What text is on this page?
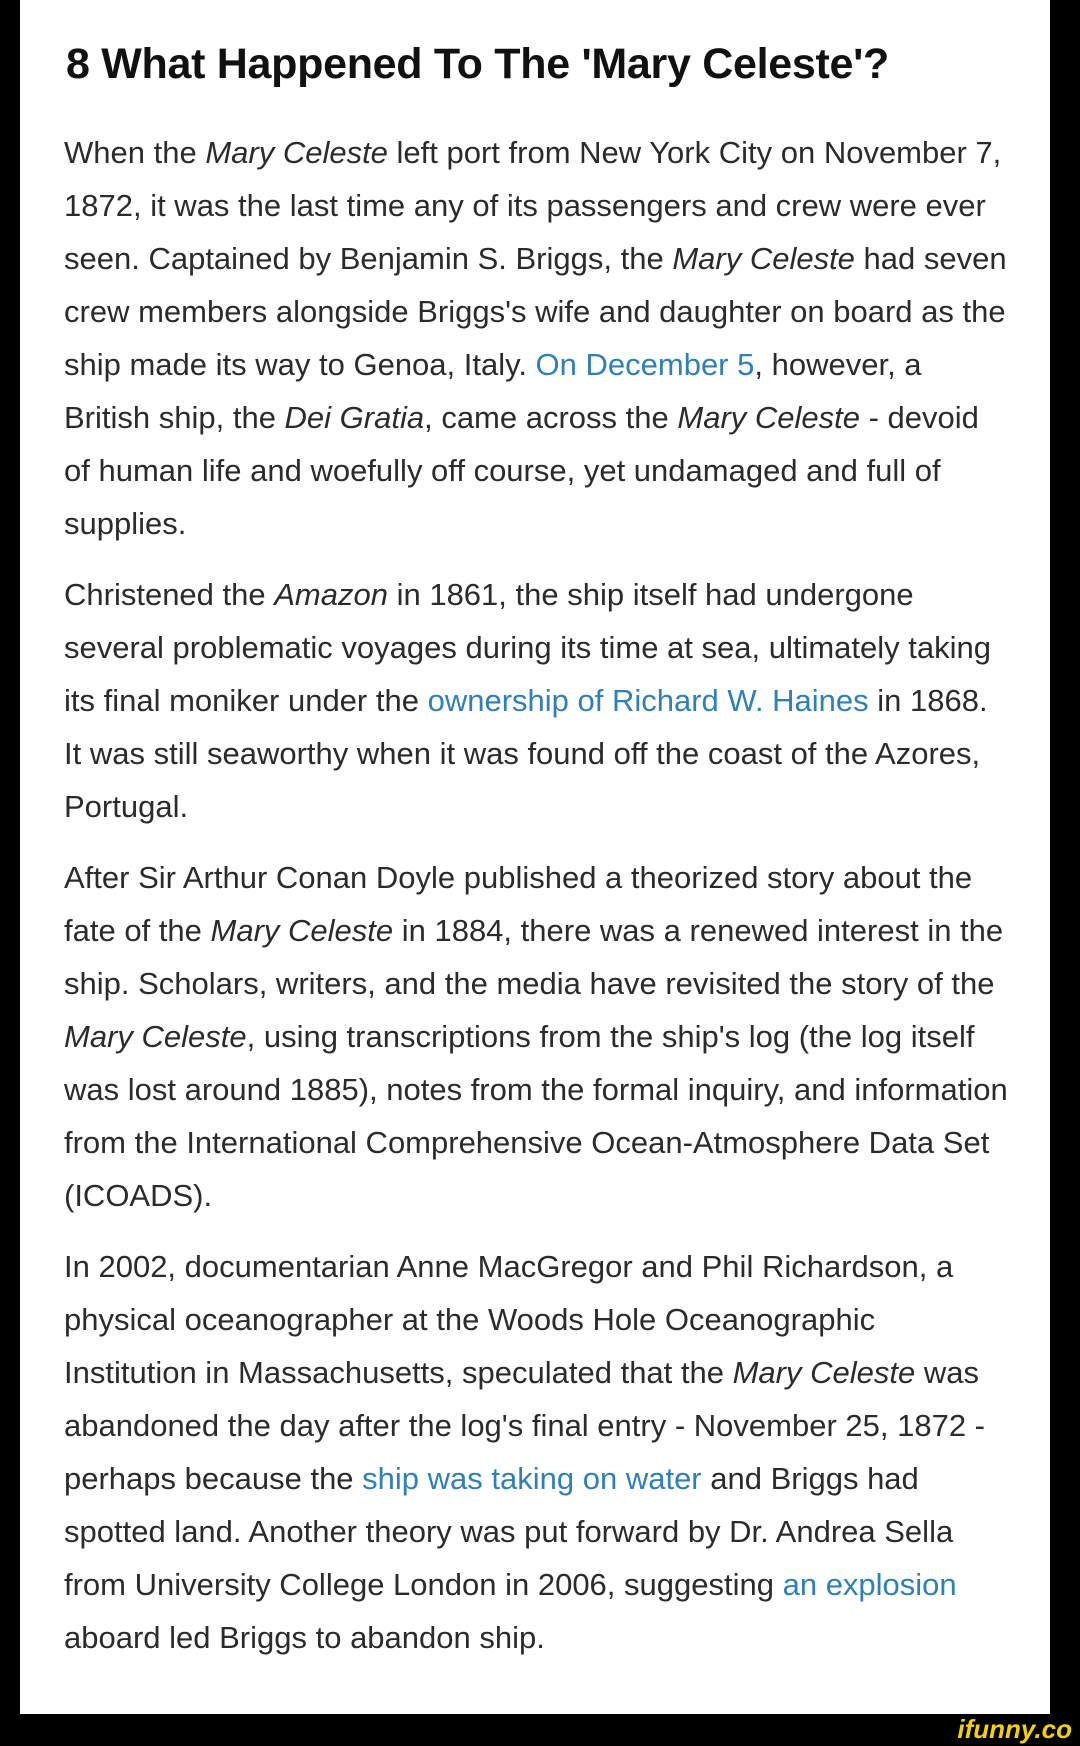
8 What Happened To The 'Mary Celeste'?

When the Mary Celeste left port from New York City on November 7, 1872, it was the last time any of its passengers and crew were ever seen. Captained by Benjamin S. Briggs, the Mary Celeste had seven crew members alongside Briggs's wife and daughter on board as the ship made its way to Genoa, Italy. On December 5, however, a British ship, the Dei Gratia, came across the Mary Celeste - devoid of human life and woefully off course, yet undamaged and full of supplies.

Christened the Amazon in 1861, the ship itself had undergone several problematic voyages during its time at sea, ultimately taking its final moniker under the ownership of Richard W. Haines in 1868. It was still seaworthy when it was found off the coast of the Azores, Portugal.

After Sir Arthur Conan Doyle published a theorized story about the fate of the Mary Celeste in 1884, there was a renewed interest in the ship. Scholars, writers, and the media have revisited the story of the Mary Celeste, using transcriptions from the ship's log (the log itself was lost around 1885), notes from the formal inquiry, and information from the International Comprehensive Ocean-Atmosphere Data Set (ICOADS).

In 2002, documentarian Anne MacGregor and Phil Richardson, a physical oceanographer at the Woods Hole Oceanographic Institution in Massachusetts, speculated that the Mary Celeste was abandoned the day after the log's final entry - November 25, 1872 - perhaps because the ship was taking on water and Briggs had spotted land. Another theory was put forward by Dr. Andrea Sella from University College London in 2006, suggesting an explosion aboard led Briggs to abandon ship.

ifunny.co
